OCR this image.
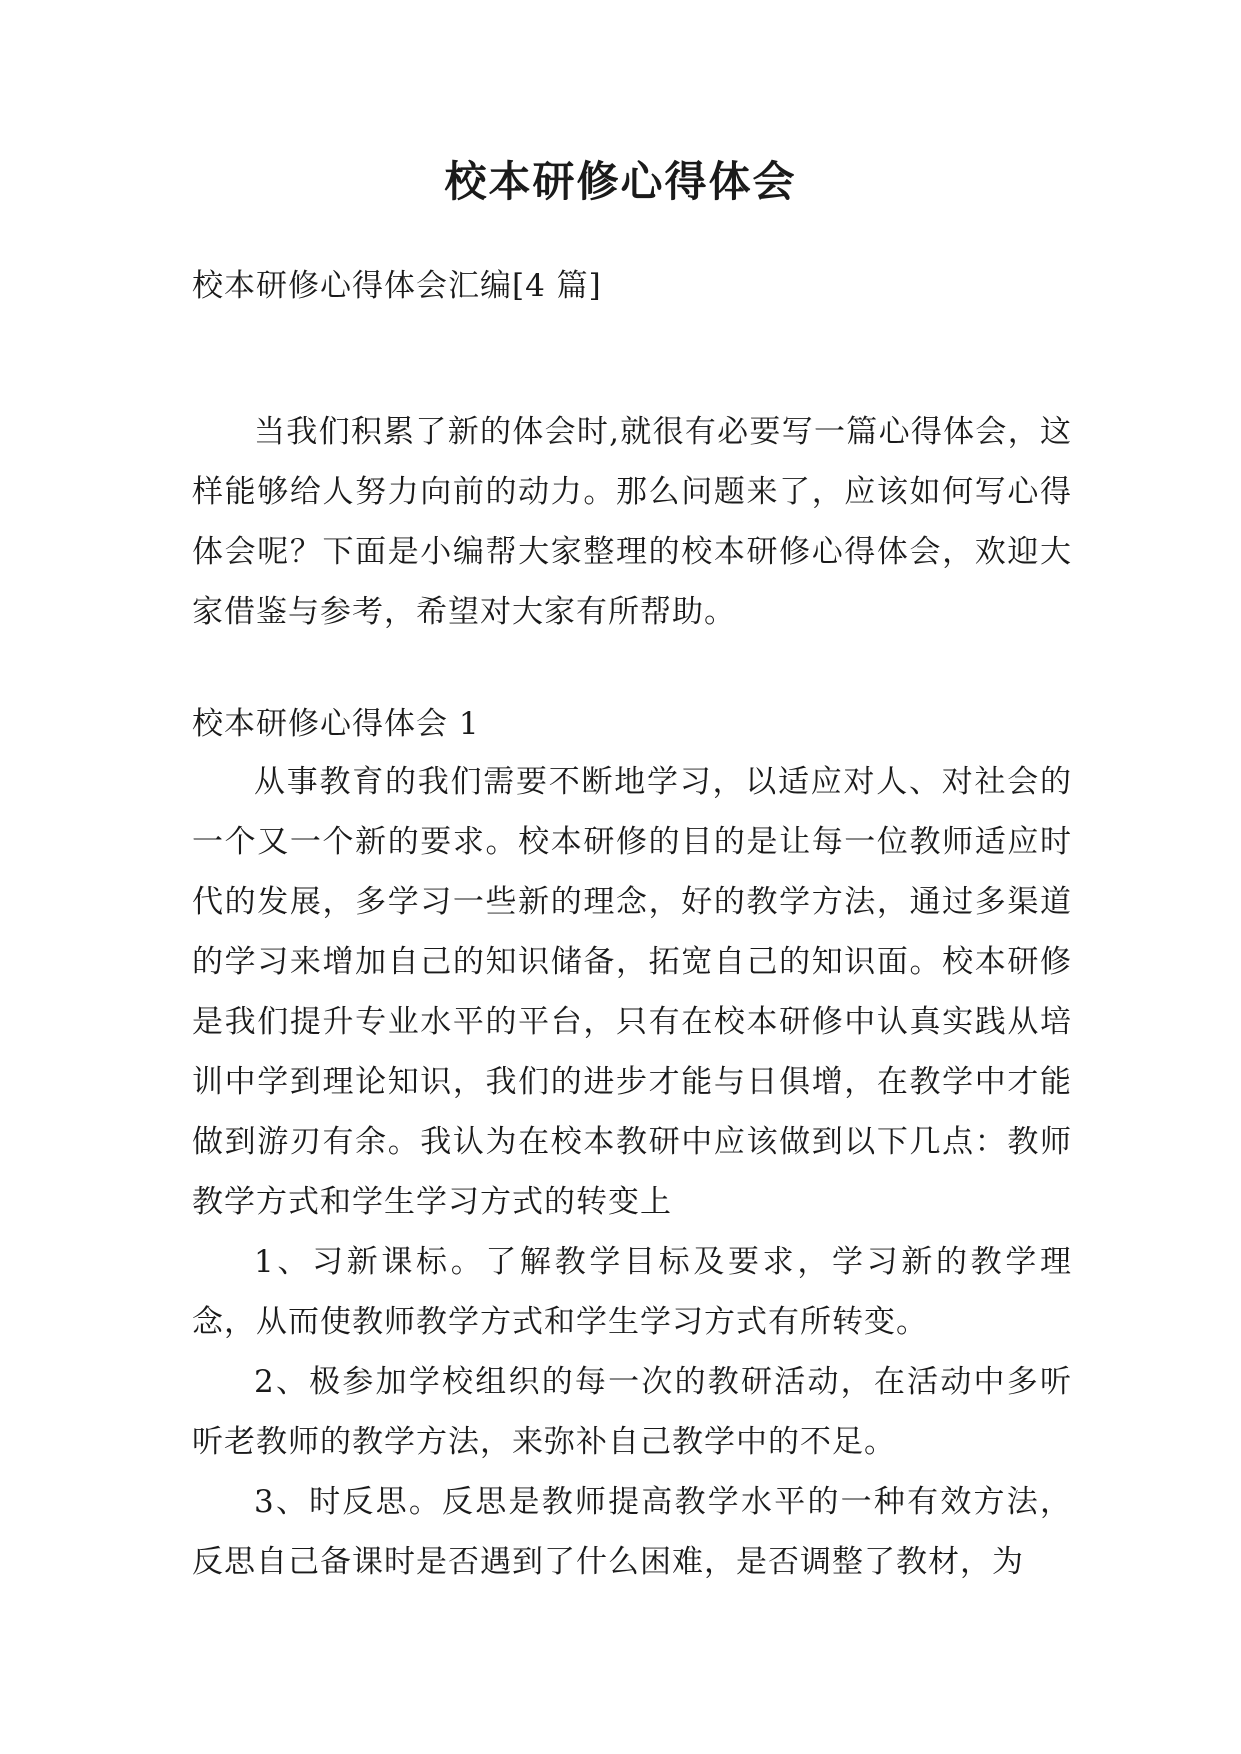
校本研修心得体会

校本研修心得体会汇编[4 篇]

当我们积累了新的体会时,就很有必要写一篇心得体会，这样能够给人努力向前的动力。那么问题来了，应该如何写心得体会呢？下面是小编帮大家整理的校本研修心得体会，欢迎大家借鉴与参考，希望对大家有所帮助。

校本研修心得体会 1

从事教育的我们需要不断地学习，以适应对人、对社会的一个又一个新的要求。校本研修的目的是让每一位教师适应时代的发展，多学习一些新的理念，好的教学方法，通过多渠道的学习来增加自己的知识储备，拓宽自己的知识面。校本研修是我们提升专业水平的平台，只有在校本研修中认真实践从培训中学到理论知识，我们的进步才能与日俱增，在教学中才能做到游刃有余。我认为在校本教研中应该做到以下几点：教师教学方式和学生学习方式的转变上

1、习新课标。了解教学目标及要求，学习新的教学理念，从而使教师教学方式和学生学习方式有所转变。

2、极参加学校组织的每一次的教研活动，在活动中多听听老教师的教学方法，来弥补自己教学中的不足。

3、时反思。反思是教师提高教学水平的一种有效方法，反思自己备课时是否遇到了什么困难，是否调整了教材，为
